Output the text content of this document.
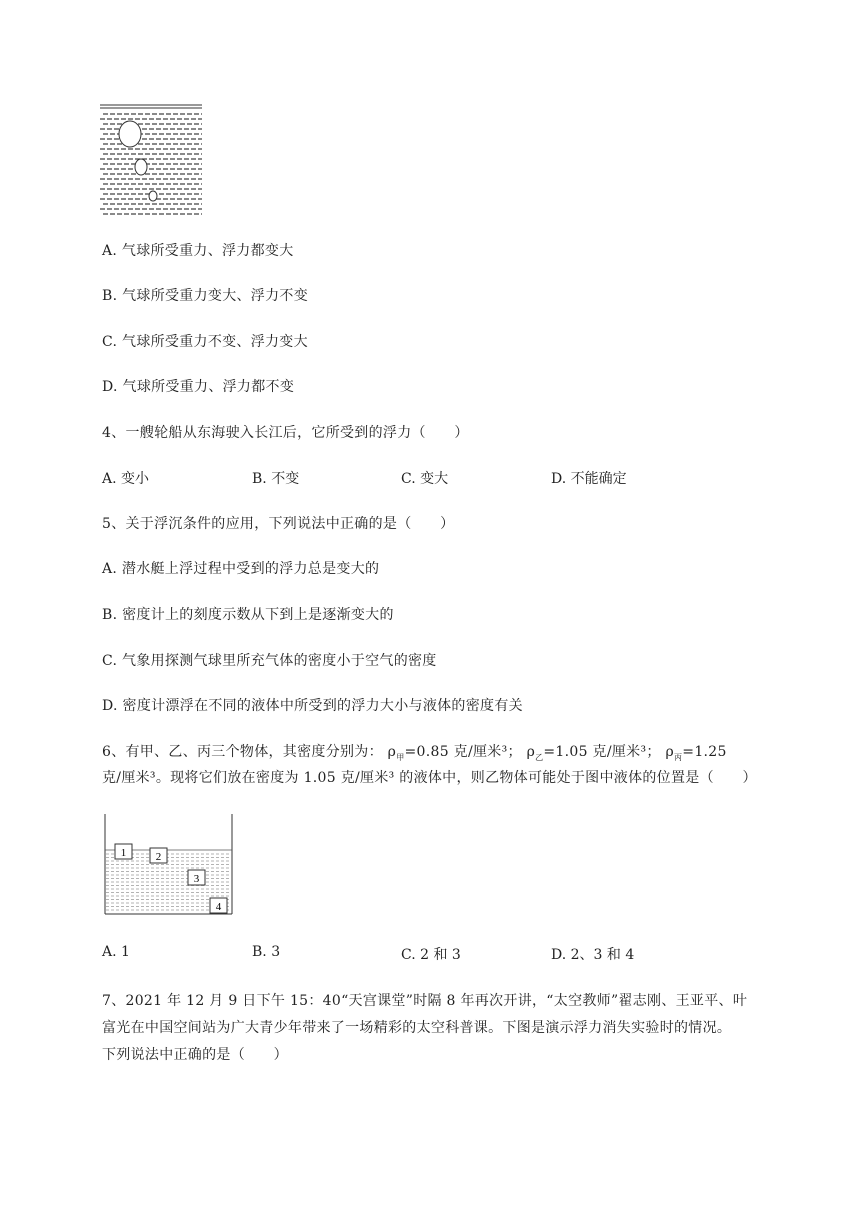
A. 气球所受重力、浮力都变大
B. 气球所受重力变大、浮力不变
C. 气球所受重力不变、浮力变大
D. 气球所受重力、浮力都不变
4、一艘轮船从东海驶入长江后，它所受到的浮力（　　）
A. 变小	B. 不变	C. 变大	D. 不能确定
5、关于浮沉条件的应用，下列说法中正确的是（　　）
A. 潜水艇上浮过程中受到的浮力总是变大的
B. 密度计上的刻度示数从下到上是逐渐变大的
C. 气象用探测气球里所充气体的密度小于空气的密度
D. 密度计漂浮在不同的液体中所受到的浮力大小与液体的密度有关
6、有甲、乙、丙三个物体，其密度分别为： $\rho_甲=0.85$ 克/厘米³； $\rho_乙=1.05$ 克/厘米³； $\rho_丙=1.25$
克/厘米³。现将它们放在密度为 1.05 克/厘米³ 的液体中，则乙物体可能处于图中液体的位置是（　　）
1	2
3
4
A. 1	B. 3	C. 2 和 3	D. 2、3 和 4
7、2021 年 12 月 9 日下午 15：40“天宫课堂”时隔 8 年再次开讲，“太空教师”翟志刚、王亚平、叶
富光在中国空间站为广大青少年带来了一场精彩的太空科普课。下图是演示浮力消失实验时的情况。
下列说法中正确的是（　　）
